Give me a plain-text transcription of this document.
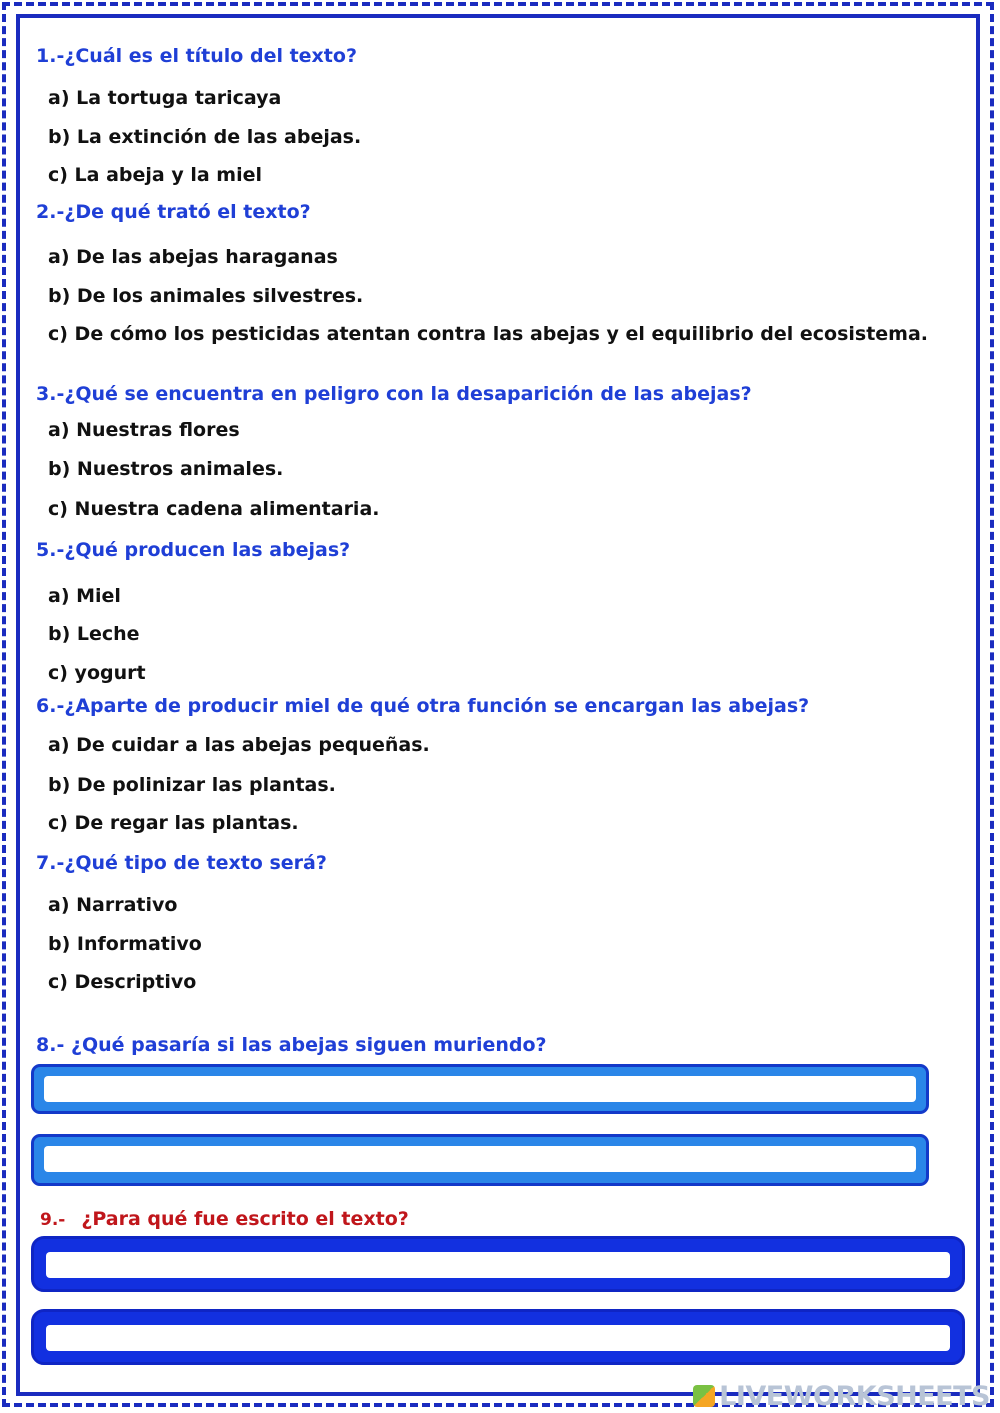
1.-¿Cuál es el título del texto?

a) La tortuga taricaya

b) La extinción de las abejas.

c) La abeja y la miel

2.-¿De qué trató el texto?

a) De las abejas haraganas

b) De los animales silvestres.

c) De cómo los pesticidas atentan contra las abejas y el equilibrio del ecosistema.

3.-¿Qué se encuentra en peligro con la desaparición de las abejas?

a) Nuestras flores

b) Nuestros animales.

c) Nuestra cadena alimentaria.

5.-¿Qué producen las abejas?

a) Miel

b) Leche

c) yogurt

6.-¿Aparte de producir miel de qué otra función se encargan las abejas?

a) De cuidar a las abejas pequeñas.

b) De polinizar las plantas.

c) De regar las plantas.

7.-¿Qué tipo de texto será?

a) Narrativo

b) Informativo

c) Descriptivo

8.- ¿Qué pasaría si las abejas siguen muriendo?

9.- ¿Para qué fue escrito el texto?

LIVEWORKSHEETS
